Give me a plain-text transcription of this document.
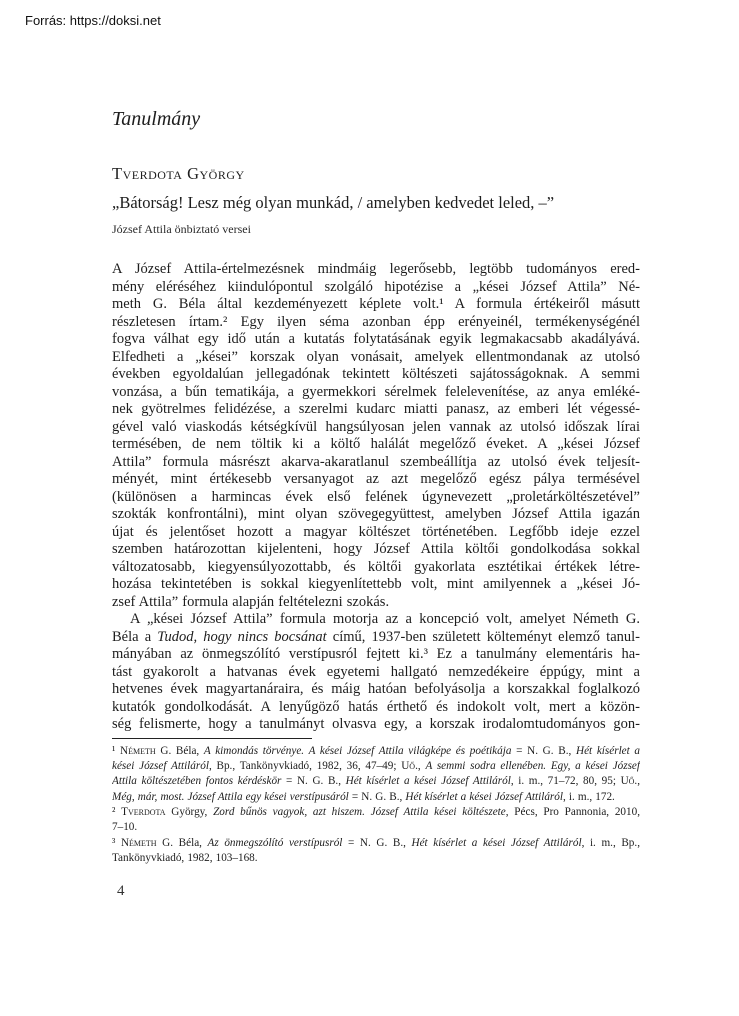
Forrás: https://doksi.net
Tanulmány
Tverdota György
„Bátorság! Lesz még olyan munkád, / amelyben kedvedet leled, –”
József Attila önbiztató versei
A József Attila-értelmezésnek mindmáig legerősebb, legtöbb tudományos ered-
mény eléréséhez kiindulópontul szolgáló hipotézise a „kései József Attila” Né-
meth G. Béla által kezdeményezett képlete volt.¹ A formula értékeiről másutt
részletesen írtam.² Egy ilyen séma azonban épp erényeinél, termékenységénél
fogva válhat egy idő után a kutatás folytatásának egyik legmakacsabb akadályává.
Elfedheti a „kései” korszak olyan vonásait, amelyek ellentmondanak az utolsó
években egyoldalúan jellegadónak tekintett költészeti sajátosságoknak. A semmi
vonzása, a bűn tematikája, a gyermekkori sérelmek felelevenítése, az anya emléké-
nek gyötrelmes felidézése, a szerelmi kudarc miatti panasz, az emberi lét végessé-
gével való viaskodás kétségkívül hangsúlyosan jelen vannak az utolsó időszak lírai
termésében, de nem töltik ki a költő halálát megelőző éveket. A „kései József
Attila” formula másrészt akarva-akaratlanul szembeállítja az utolsó évek teljesít-
ményét, mint értékesebb versanyagot az azt megelőző egész pálya termésével
(különösen a harmincas évek első felének úgynevezett „proletárköltészetével”
szokták konfrontálni), mint olyan szövegegyüttest, amelyben József Attila igazán
újat és jelentőset hozott a magyar költészet történetében. Legfőbb ideje ezzel
szemben határozottan kijelenteni, hogy József Attila költői gondolkodása sokkal
változatosabb, kiegyensúlyozottabb, és költői gyakorlata esztétikai értékek létre-
hozása tekintetében is sokkal kiegyenlítettebb volt, mint amilyennek a „kései Jó-
zsef Attila” formula alapján feltételezni szokás.
A „kései József Attila” formula motorja az a koncepció volt, amelyet Németh G.
Béla a Tudod, hogy nincs bocsánat című, 1937-ben született költeményt elemző tanul-
mányában az önmegszólító verstípusról fejtett ki.³ Ez a tanulmány elementáris ha-
tást gyakorolt a hatvanas évek egyetemi hallgató nemzedékeire éppúgy, mint a
hetvenes évek magyartanáraira, és máig hatóan befolyásolja a korszakkal foglalkozó
kutatók gondolkodását. A lenyűgöző hatás érthető és indokolt volt, mert a közön-
ség felismerte, hogy a tanulmányt olvasva egy, a korszak irodalomtudományos gon-
¹ Németh G. Béla, A kimondás törvénye. A kései József Attila világképe és poétikája = N. G. B., Hét kísérlet a
kései József Attiláról, Bp., Tankönyvkiadó, 1982, 36, 47–49; Uő., A semmi sodra ellenében. Egy, a kései József
Attila költészetében fontos kérdéskör = N. G. B., Hét kísérlet a kései József Attiláról, i. m., 71–72, 80, 95; Uő.,
Még, már, most. József Attila egy kései verstípusáról = N. G. B., Hét kísérlet a kései József Attiláról, i. m., 172.
² Tverdota György, Zord bűnös vagyok, azt hiszem. József Attila kései költészete, Pécs, Pro Pannonia, 2010,
7–10.
³ Németh G. Béla, Az önmegszólító verstípusról = N. G. B., Hét kísérlet a kései József Attiláról, i. m., Bp.,
Tankönyvkiadó, 1982, 103–168.
4
